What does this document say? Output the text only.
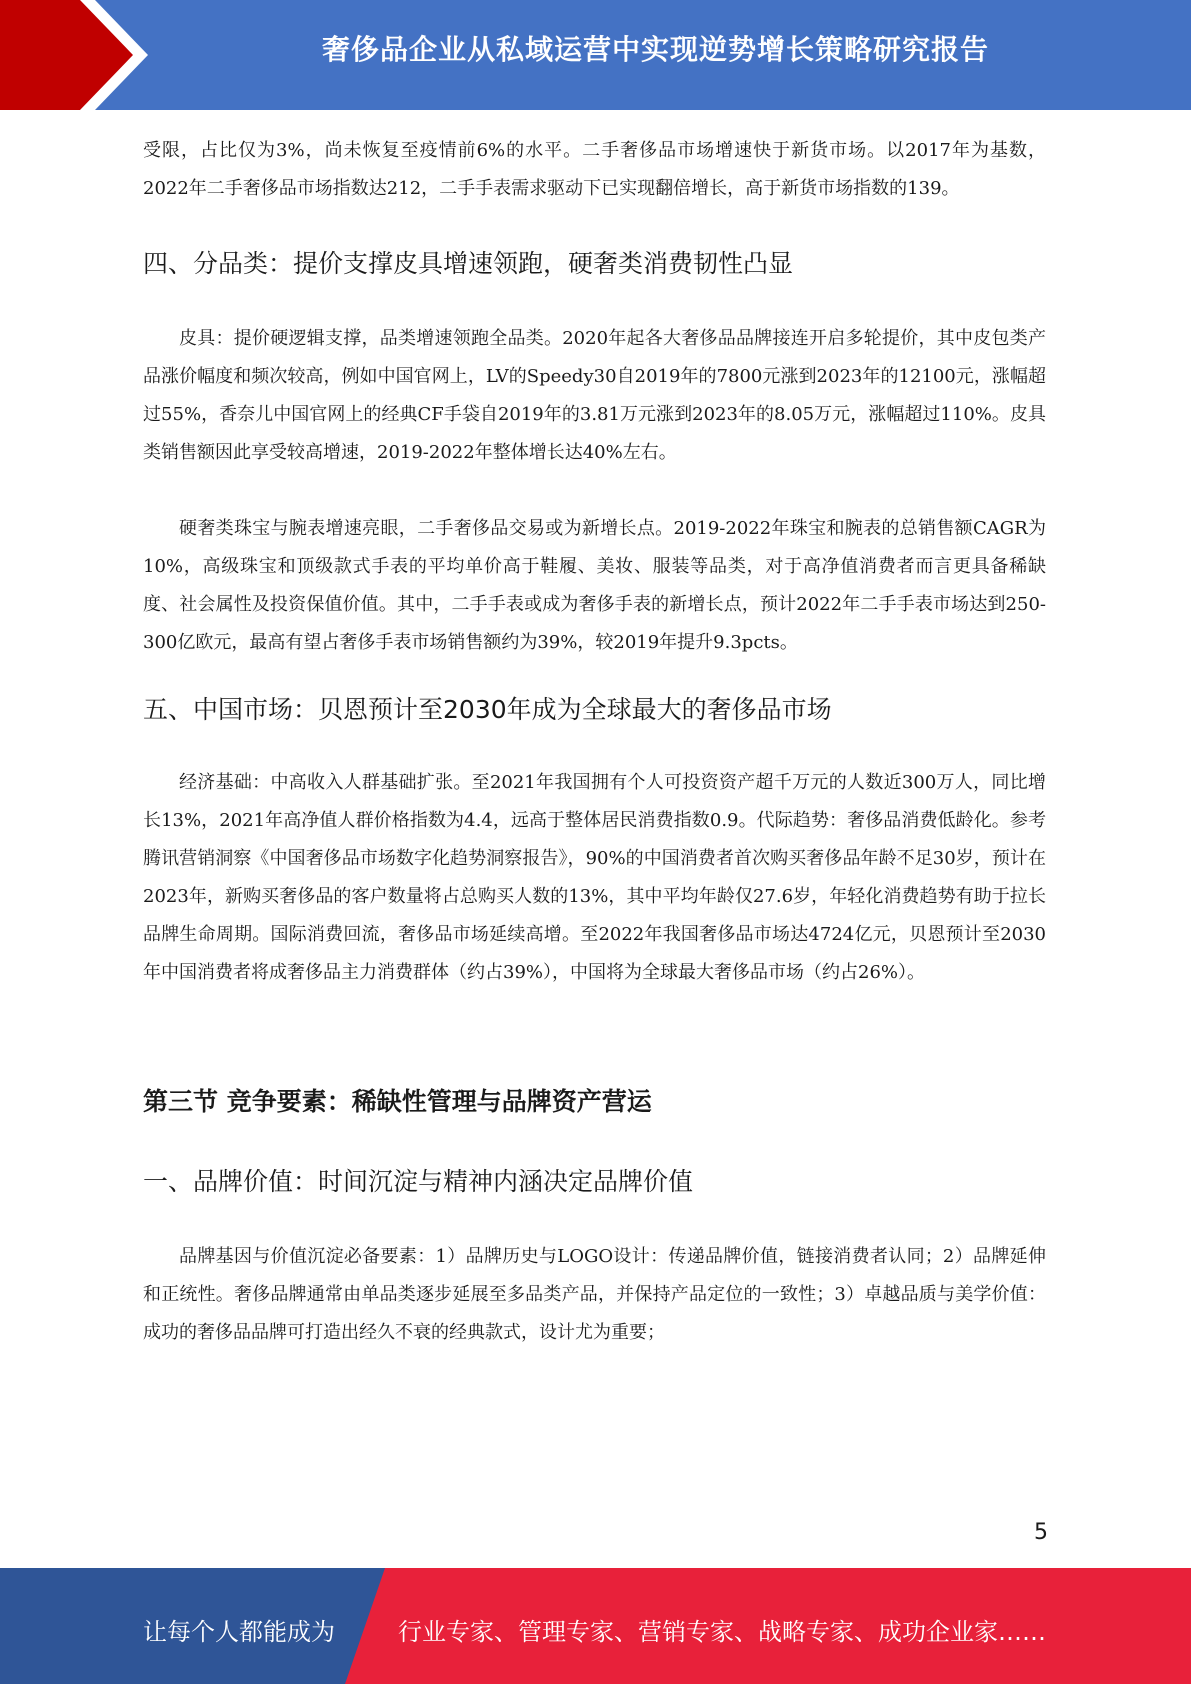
奢侈品企业从私域运营中实现逆势增长策略研究报告

受限，占比仅为3%，尚未恢复至疫情前6%的水平。二手奢侈品市场增速快于新货市场。以2017年为基数，2022年二手奢侈品市场指数达212，二手手表需求驱动下已实现翻倍增长，高于新货市场指数的139。

四、分品类：提价支撑皮具增速领跑，硬奢类消费韧性凸显

皮具：提价硬逻辑支撑，品类增速领跑全品类。2020年起各大奢侈品品牌接连开启多轮提价，其中皮包类产品涨价幅度和频次较高，例如中国官网上，LV的Speedy30自2019年的7800元涨到2023年的12100元，涨幅超过55%，香奈儿中国官网上的经典CF手袋自2019年的3.81万元涨到2023年的8.05万元，涨幅超过110%。皮具类销售额因此享受较高增速，2019-2022年整体增长达40%左右。

硬奢类珠宝与腕表增速亮眼，二手奢侈品交易或为新增长点。2019-2022年珠宝和腕表的总销售额CAGR为10%，高级珠宝和顶级款式手表的平均单价高于鞋履、美妆、服装等品类，对于高净值消费者而言更具备稀缺度、社会属性及投资保值价值。其中，二手手表或成为奢侈手表的新增长点，预计2022年二手手表市场达到250-300亿欧元，最高有望占奢侈手表市场销售额约为39%，较2019年提升9.3pcts。

五、中国市场：贝恩预计至2030年成为全球最大的奢侈品市场

经济基础：中高收入人群基础扩张。至2021年我国拥有个人可投资资产超千万元的人数近300万人，同比增长13%，2021年高净值人群价格指数为4.4，远高于整体居民消费指数0.9。代际趋势：奢侈品消费低龄化。参考腾讯营销洞察《中国奢侈品市场数字化趋势洞察报告》，90%的中国消费者首次购买奢侈品年龄不足30岁，预计在2023年，新购买奢侈品的客户数量将占总购买人数的13%，其中平均年龄仅27.6岁，年轻化消费趋势有助于拉长品牌生命周期。国际消费回流，奢侈品市场延续高增。至2022年我国奢侈品市场达4724亿元，贝恩预计至2030年中国消费者将成奢侈品主力消费群体（约占39%），中国将为全球最大奢侈品市场（约占26%）。

第三节 竞争要素：稀缺性管理与品牌资产营运
一、品牌价值：时间沉淀与精神内涵决定品牌价值

品牌基因与价值沉淀必备要素：1）品牌历史与LOGO设计：传递品牌价值，链接消费者认同；2）品牌延伸和正统性。奢侈品牌通常由单品类逐步延展至多品类产品，并保持产品定位的一致性；3）卓越品质与美学价值：成功的奢侈品品牌可打造出经久不衰的经典款式，设计尤为重要；

5
让每个人都能成为	行业专家、管理专家、营销专家、战略专家、成功企业家……
